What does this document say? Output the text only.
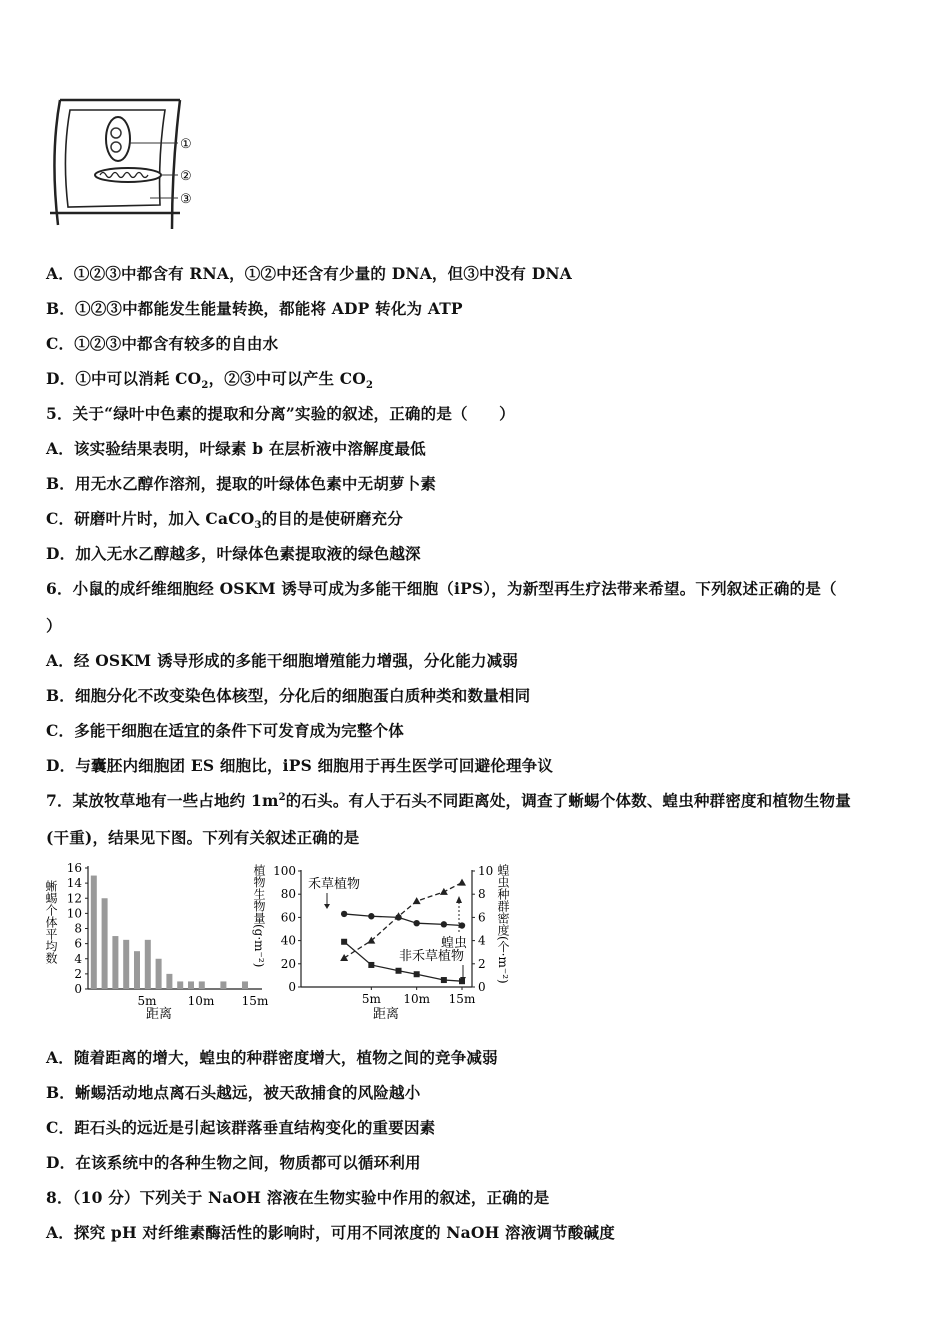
①
②
③
A．①②③中都含有 RNA，①②中还含有少量的 DNA，但③中没有 DNA
B．①②③中都能发生能量转换，都能将 ADP 转化为 ATP
C．①②③中都含有较多的自由水
D．①中可以消耗 $CO_2$，②③中可以产生 $CO_2$
5．关于“绿叶中色素的提取和分离”实验的叙述，正确的是（　　）
A．该实验结果表明，叶绿素 b 在层析液中溶解度最低
B．用无水乙醇作溶剂，提取的叶绿体色素中无胡萝卜素
C．研磨叶片时，加入 CaCO$_3$的目的是使研磨充分
D．加入无水乙醇越多，叶绿体色素提取液的绿色越深
6．小鼠的成纤维细胞经 OSKM 诱导可成为多能干细胞（iPS），为新型再生疗法带来希望。下列叙述正确的是（
）
A．经 OSKM 诱导形成的多能干细胞增殖能力增强，分化能力减弱
B．细胞分化不改变染色体核型，分化后的细胞蛋白质种类和数量相同
C．多能干细胞在适宜的条件下可发育成为完整个体
D．与囊胚内细胞团 ES 细胞比，iPS 细胞用于再生医学可回避伦理争议
7．某放牧草地有一些占地约 $1m^2$的石头。有人于石头不同距离处，调查了蜥蜴个体数、蝗虫种群密度和植物生物量
(干重)，结果见下图。下列有关叙述正确的是
0
2
4
6
8
10
12
14
16
5m	10m 15m
蜥蜴个体平均数
距离
0
20
40
60
80
100
0
2
4
6
8
10
5m 10m 15m
植物生物量(g·m⁻²)	蝗虫种群密度(个·m⁻²)
距离
禾草植物
蝗虫
非禾草植物
A．随着距离的增大，蝗虫的种群密度增大，植物之间的竞争减弱
B．蜥蜴活动地点离石头越远，被天敌捕食的风险越小
C．距石头的远近是引起该群落垂直结构变化的重要因素
D．在该系统中的各种生物之间，物质都可以循环利用
8．（10 分）下列关于 NaOH 溶液在生物实验中作用的叙述，正确的是
A．探究 pH 对纤维素酶活性的影响时，可用不同浓度的 NaOH 溶液调节酸碱度
